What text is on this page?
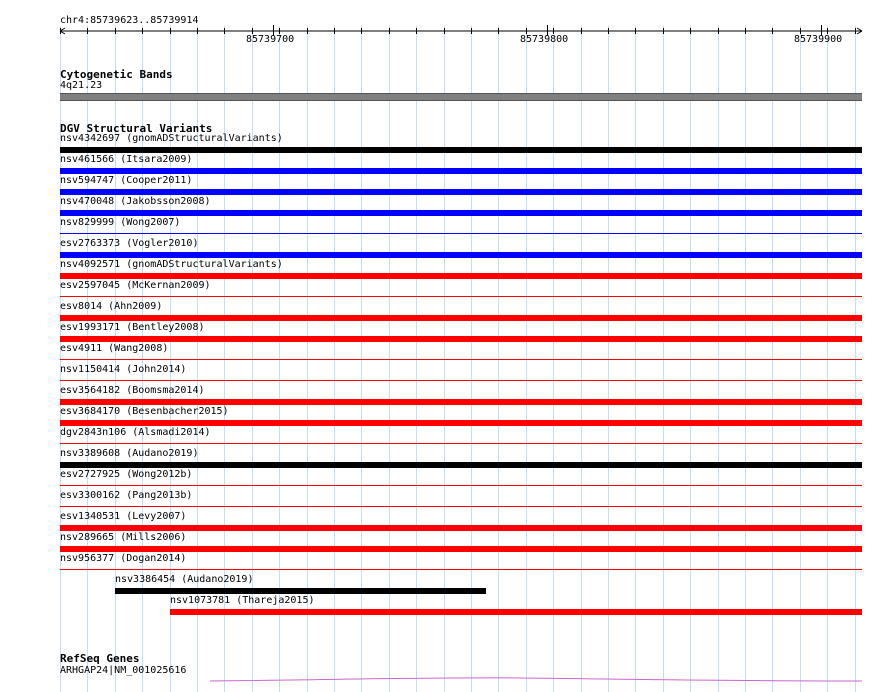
chr4:85739623..85739914
85739700	85739800	85739900
Cytogenetic Bands
4q21.23
DGV Structural Variants
nsv4342697 (gnomADStructuralVariants)
nsv461566 (Itsara2009)
nsv594747 (Cooper2011)
nsv470048 (Jakobsson2008)
nsv829999 (Wong2007)
esv2763373 (Vogler2010)
nsv4092571 (gnomADStructuralVariants)
esv2597045 (McKernan2009)
esv8014 (Ahn2009)
esv1993171 (Bentley2008)
esv4911 (Wang2008)
nsv1150414 (John2014)
esv3564182 (Boomsma2014)
esv3684170 (Besenbacher2015)
dgv2843n106 (Alsmadi2014)
nsv3389608 (Audano2019)
esv2727925 (Wong2012b)
esv3300162 (Pang2013b)
esv1340531 (Levy2007)
nsv289665 (Mills2006)
nsv956377 (Dogan2014)
nsv3386454 (Audano2019)
nsv1073781 (Thareja2015)
RefSeq Genes
ARHGAP24|NM_001025616
